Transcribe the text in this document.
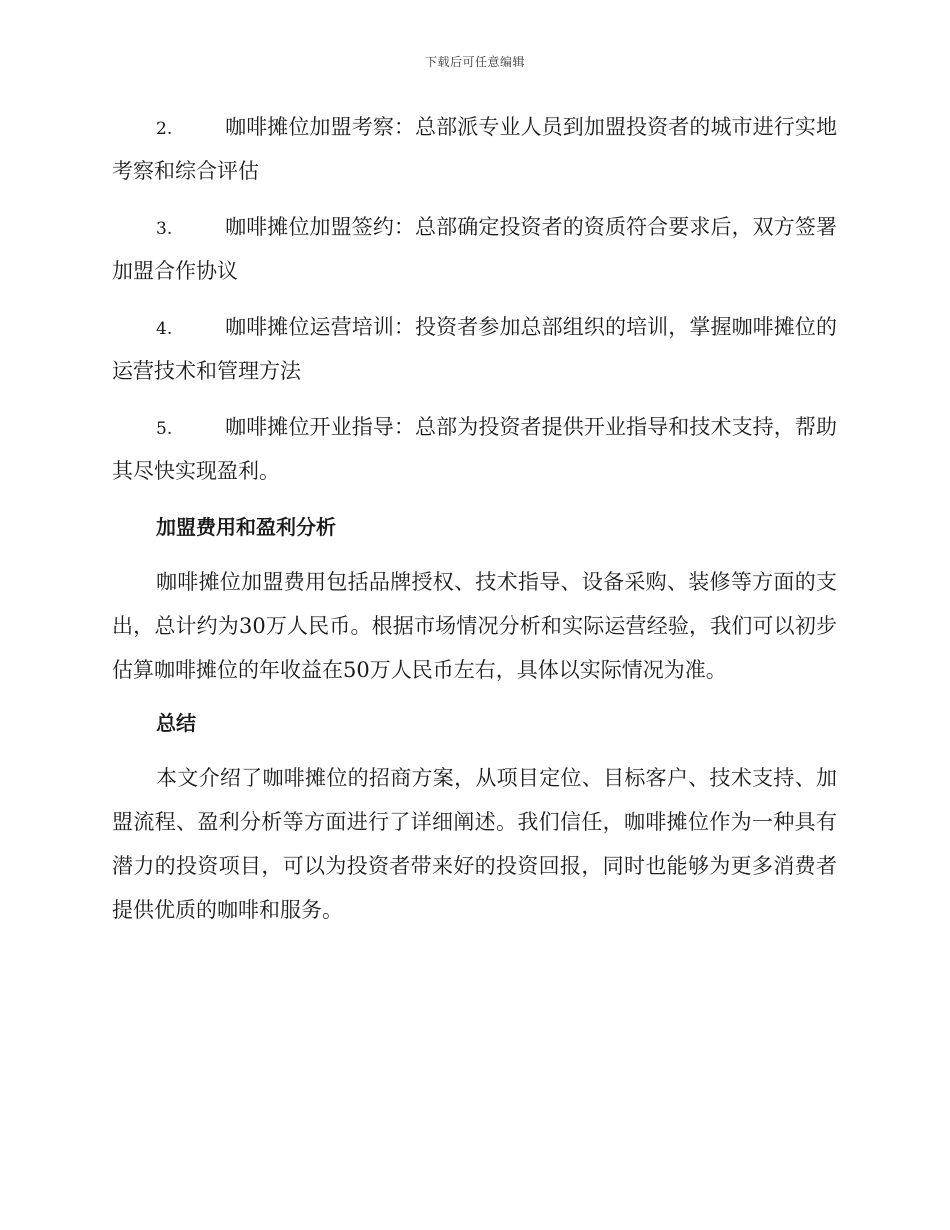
下载后可任意编辑

2.	咖啡摊位加盟考察：总部派专业人员到加盟投资者的城市进行实地考察和综合评估

3.	咖啡摊位加盟签约：总部确定投资者的资质符合要求后，双方签署加盟合作协议

4.	咖啡摊位运营培训：投资者参加总部组织的培训，掌握咖啡摊位的运营技术和管理方法

5.	咖啡摊位开业指导：总部为投资者提供开业指导和技术支持，帮助其尽快实现盈利。

加盟费用和盈利分析

咖啡摊位加盟费用包括品牌授权、技术指导、设备采购、装修等方面的支出，总计约为30万人民币。根据市场情况分析和实际运营经验，我们可以初步估算咖啡摊位的年收益在50万人民币左右，具体以实际情况为准。

总结

本文介绍了咖啡摊位的招商方案，从项目定位、目标客户、技术支持、加盟流程、盈利分析等方面进行了详细阐述。我们信任，咖啡摊位作为一种具有潜力的投资项目，可以为投资者带来好的投资回报，同时也能够为更多消费者提供优质的咖啡和服务。
